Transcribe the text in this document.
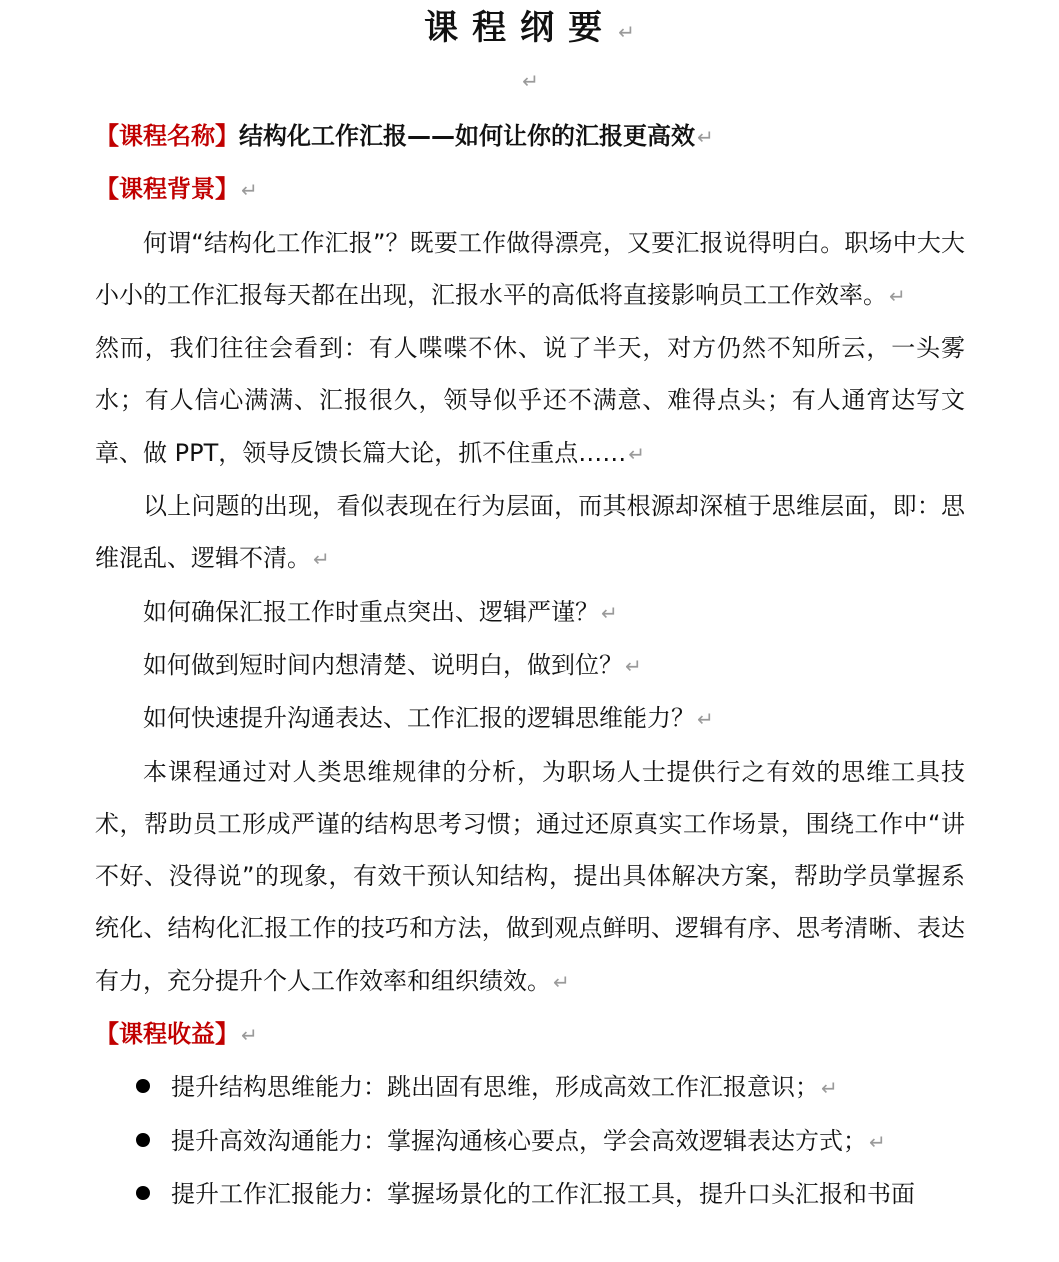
课程纲要 ↵
↵

【课程名称】结构化工作汇报——如何让你的汇报更高效 ↵

【课程背景】 ↵

何谓“结构化工作汇报”？既要工作做得漂亮，又要汇报说得明白。职场中大大小小的工作汇报每天都在出现，汇报水平的高低将直接影响员工工作效率。 ↵

然而，我们往往会看到：有人喋喋不休、说了半天，对方仍然不知所云，一头雾水；有人信心满满、汇报很久，领导似乎还不满意、难得点头；有人通宵达写文章、做 PPT，领导反馈长篇大论，抓不住重点…… ↵

以上问题的出现，看似表现在行为层面，而其根源却深植于思维层面，即：思维混乱、逻辑不清。 ↵

如何确保汇报工作时重点突出、逻辑严谨？ ↵

如何做到短时间内想清楚、说明白，做到位？ ↵

如何快速提升沟通表达、工作汇报的逻辑思维能力？ ↵

本课程通过对人类思维规律的分析，为职场人士提供行之有效的思维工具技术，帮助员工形成严谨的结构思考习惯；通过还原真实工作场景，围绕工作中“讲不好、没得说”的现象，有效干预认知结构，提出具体解决方案，帮助学员掌握系统化、结构化汇报工作的技巧和方法，做到观点鲜明、逻辑有序、思考清晰、表达有力，充分提升个人工作效率和组织绩效。 ↵

【课程收益】 ↵

提升结构思维能力：跳出固有思维，形成高效工作汇报意识； ↵
提升高效沟通能力：掌握沟通核心要点，学会高效逻辑表达方式； ↵
提升工作汇报能力：掌握场景化的工作汇报工具，提升口头汇报和书面
